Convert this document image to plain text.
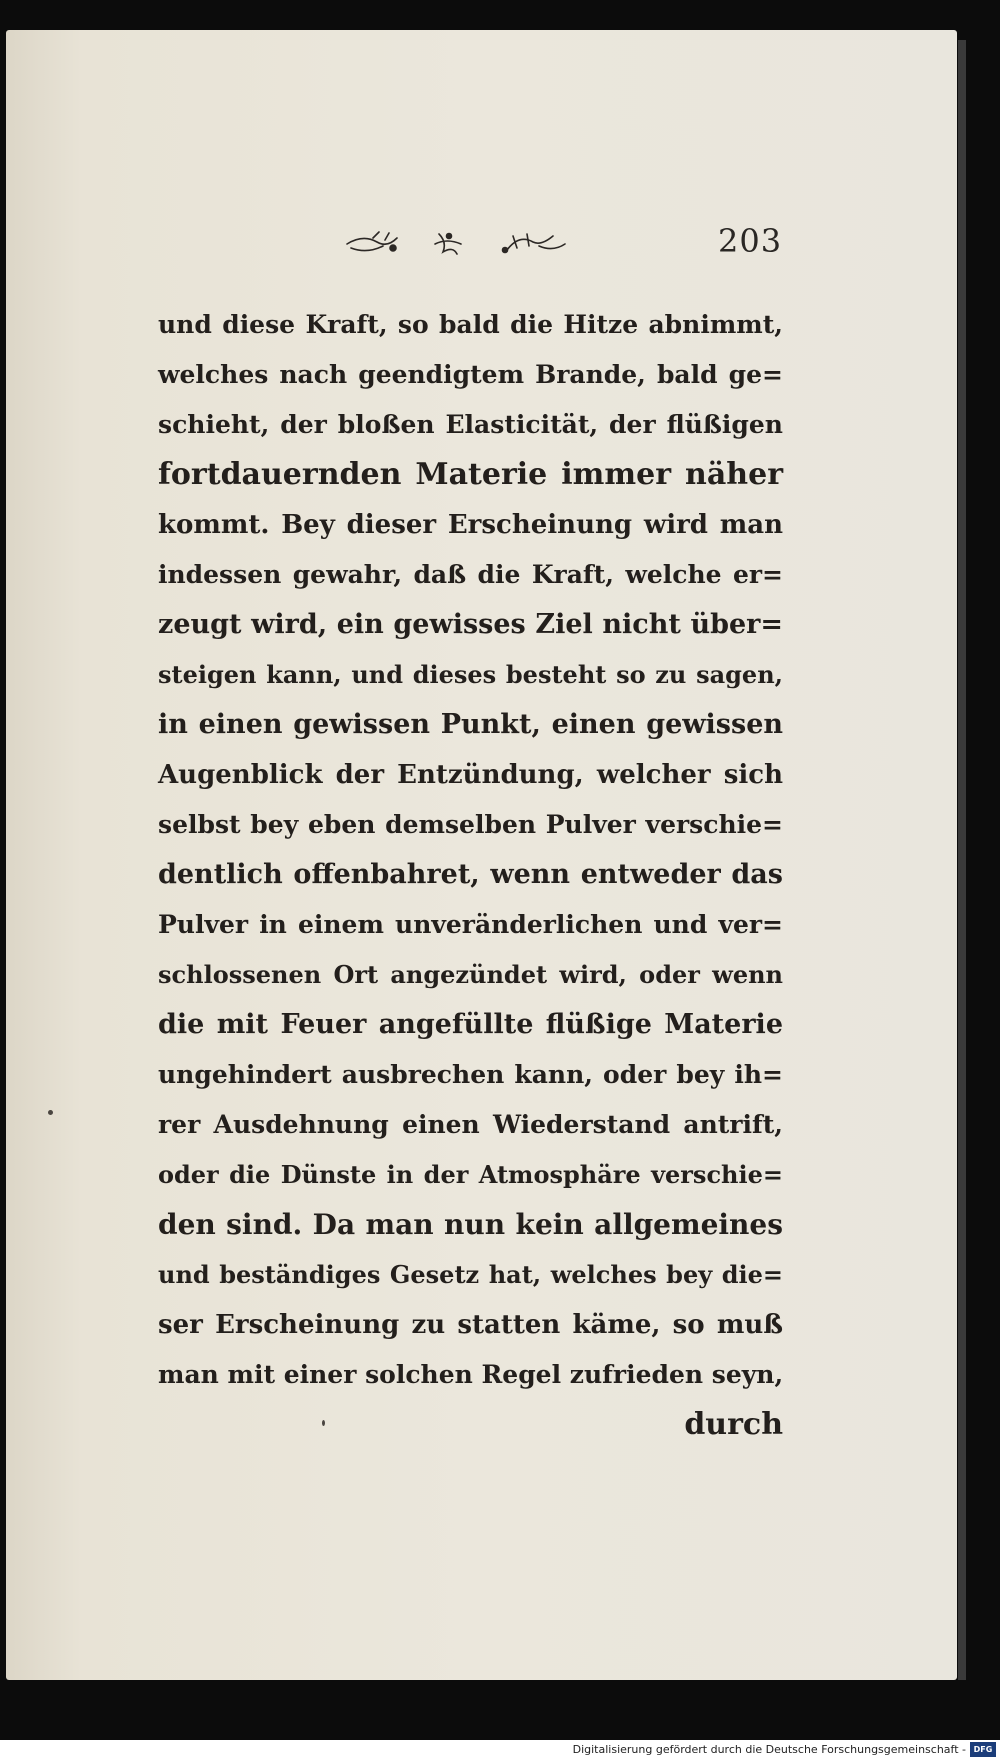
203
und diese Kraft, so bald die Hitze abnimmt,
welches nach geendigtem Brande, bald ge=
schieht, der bloßen Elasticität, der flüßigen
fortdauernden Materie immer näher
kommt. Bey dieser Erscheinung wird man
indessen gewahr, daß die Kraft, welche er=
zeugt wird, ein gewisses Ziel nicht über=
steigen kann, und dieses besteht so zu sagen,
in einen gewissen Punkt, einen gewissen
Augenblick der Entzündung, welcher sich
selbst bey eben demselben Pulver verschie=
dentlich offenbahret, wenn entweder das
Pulver in einem unveränderlichen und ver=
schlossenen Ort angezündet wird, oder wenn
die mit Feuer angefüllte flüßige Materie
ungehindert ausbrechen kann, oder bey ih=
rer Ausdehnung einen Wiederstand antrift,
oder die Dünste in der Atmosphäre verschie=
den sind. Da man nun kein allgemeines
und beständiges Gesetz hat, welches bey die=
ser Erscheinung zu statten käme, so muß
man mit einer solchen Regel zufrieden seyn,
durch
Digitalisierung gefördert durch die Deutsche Forschungsgemeinschaft - DFG
